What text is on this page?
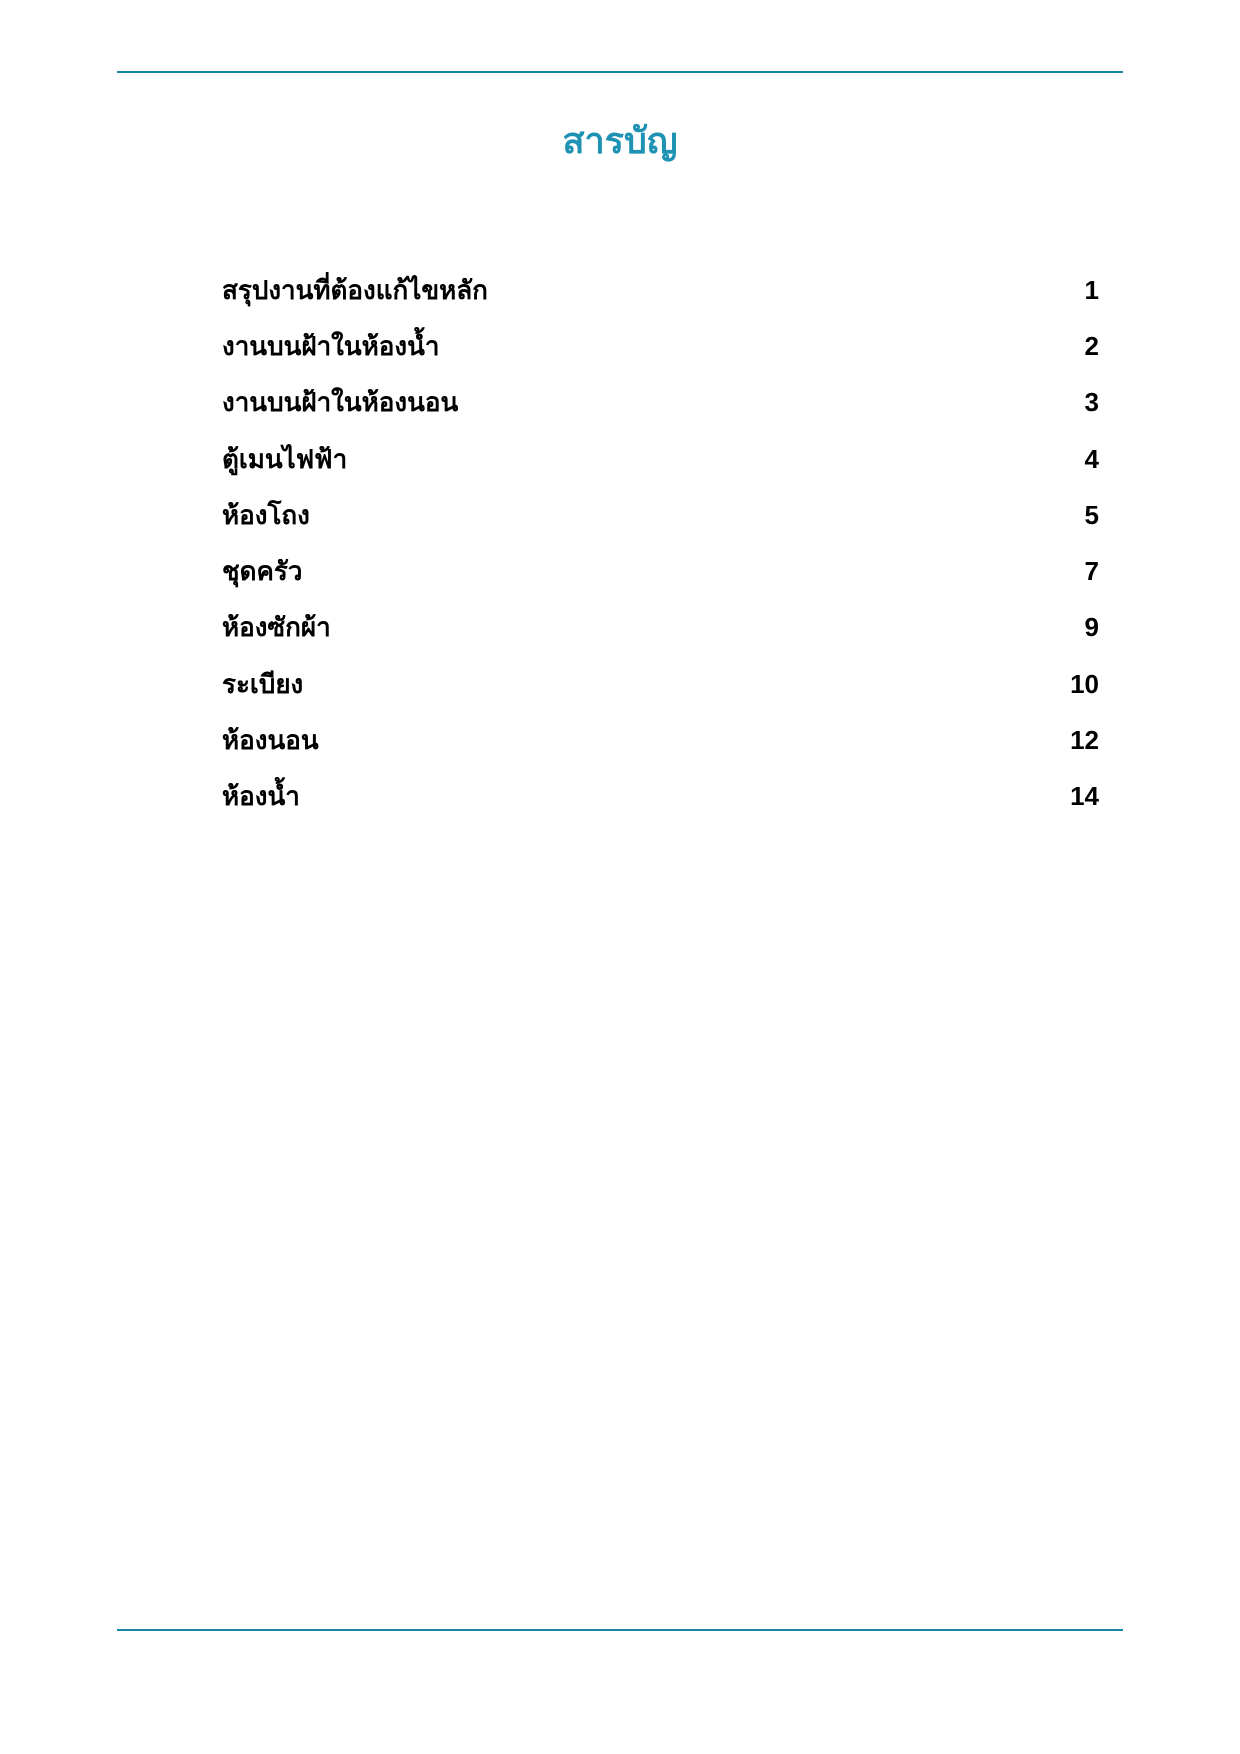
สารบัญ
สรุปงานที่ต้องแก้ไขหลัก	1
งานบนฝ้าในห้องน้ำ	2
งานบนฝ้าในห้องนอน	3
ตู้เมนไฟฟ้า	4
ห้องโถง	5
ชุดครัว	7
ห้องซักผ้า	9
ระเบียง	10
ห้องนอน	12
ห้องน้ำ	14
